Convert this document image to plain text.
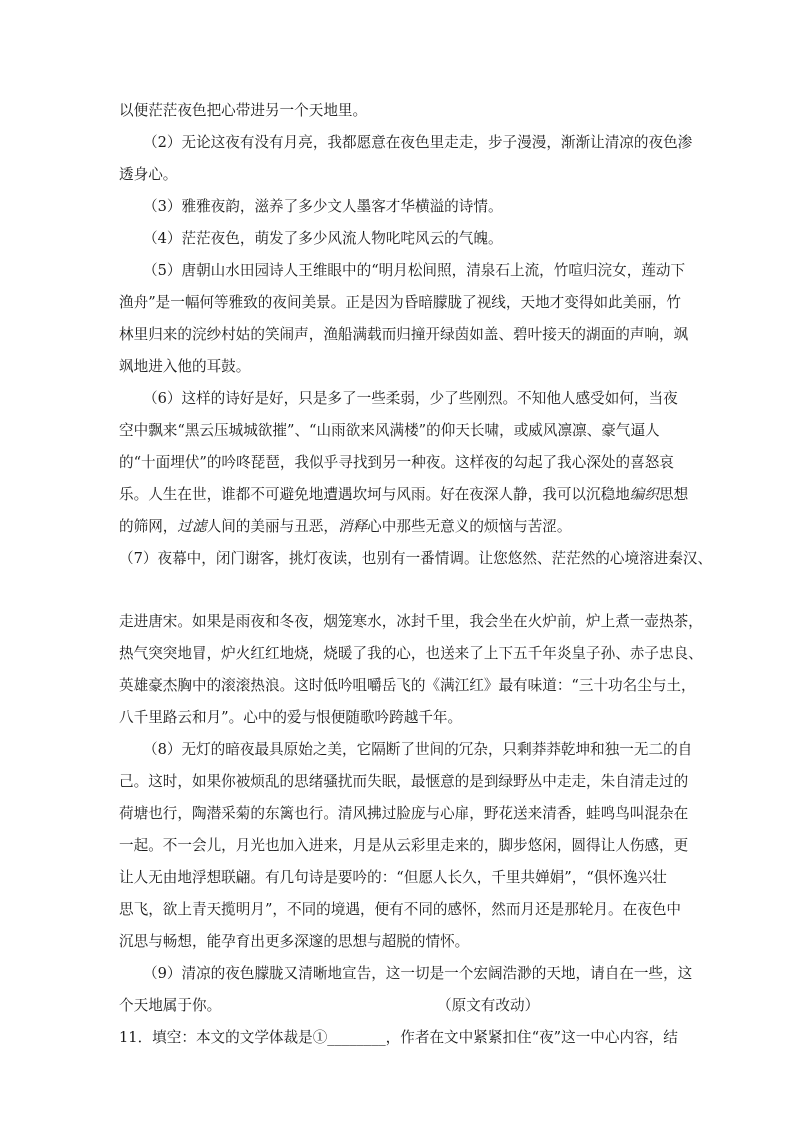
以便茫茫夜色把心带进另一个天地里。
（2）无论这夜有没有月亮，我都愿意在夜色里走走，步子漫漫，渐渐让清凉的夜色渗
透身心。
（3）雅雅夜韵，滋养了多少文人墨客才华横溢的诗情。
（4）茫茫夜色，萌发了多少风流人物叱咤风云的气魄。
（5）唐朝山水田园诗人王维眼中的“明月松间照，清泉石上流，竹喧归浣女，莲动下
渔舟”是一幅何等雅致的夜间美景。正是因为昏暗朦胧了视线，天地才变得如此美丽，竹
林里归来的浣纱村姑的笑闹声，渔船满载而归撞开绿茵如盖、碧叶接天的湖面的声响，飒
飒地进入他的耳鼓。
（6）这样的诗好是好，只是多了一些柔弱，少了些刚烈。不知他人感受如何，当夜
空中飘来“黑云压城城欲摧”、“山雨欲来风满楼”的仰天长啸，或威风凛凛、豪气逼人
的“十面埋伏”的吟咚琵琶，我似乎寻找到另一种夜。这样夜的勾起了我心深处的喜怒哀
乐。人生在世，谁都不可避免地遭遇坎坷与风雨。好在夜深人静，我可以沉稳地编织思想
的筛网，过滤人间的美丽与丑恶，消释心中那些无意义的烦恼与苦涩。
（7）夜幕中，闭门谢客，挑灯夜读，也别有一番情调。让您悠然、茫茫然的心境溶进秦汉、
走进唐宋。如果是雨夜和冬夜，烟笼寒水，冰封千里，我会坐在火炉前，炉上煮一壶热茶，
热气突突地冒，炉火红红地烧，烧暖了我的心，也送来了上下五千年炎皇子孙、赤子忠良、
英雄豪杰胸中的滚滚热浪。这时低吟咀嚼岳飞的《满江红》最有味道：“三十功名尘与土，
八千里路云和月”。心中的爱与恨便随歌吟跨越千年。
（8）无灯的暗夜最具原始之美，它隔断了世间的冗杂，只剩莽莽乾坤和独一无二的自
己。这时，如果你被烦乱的思绪骚扰而失眠，最惬意的是到绿野丛中走走，朱自清走过的
荷塘也行，陶潜采菊的东篱也行。清风拂过脸庞与心扉，野花送来清香，蛙鸣鸟叫混杂在
一起。不一会儿，月光也加入进来，月是从云彩里走来的，脚步悠闲，圆得让人伤感，更
让人无由地浮想联翩。有几句诗是要吟的：“但愿人长久，千里共婵娟”，“俱怀逸兴壮
思飞，欲上青天揽明月”，不同的境遇，便有不同的感怀，然而月还是那轮月。在夜色中
沉思与畅想，能孕育出更多深邃的思想与超脱的情怀。
（9）清凉的夜色朦胧又清晰地宣告，这一切是一个宏阔浩渺的天地，请自在一些，这
个天地属于你。	（原文有改动）
11．填空：本文的文学体裁是①________，作者在文中紧紧扣住“夜”这一中心内容，结
